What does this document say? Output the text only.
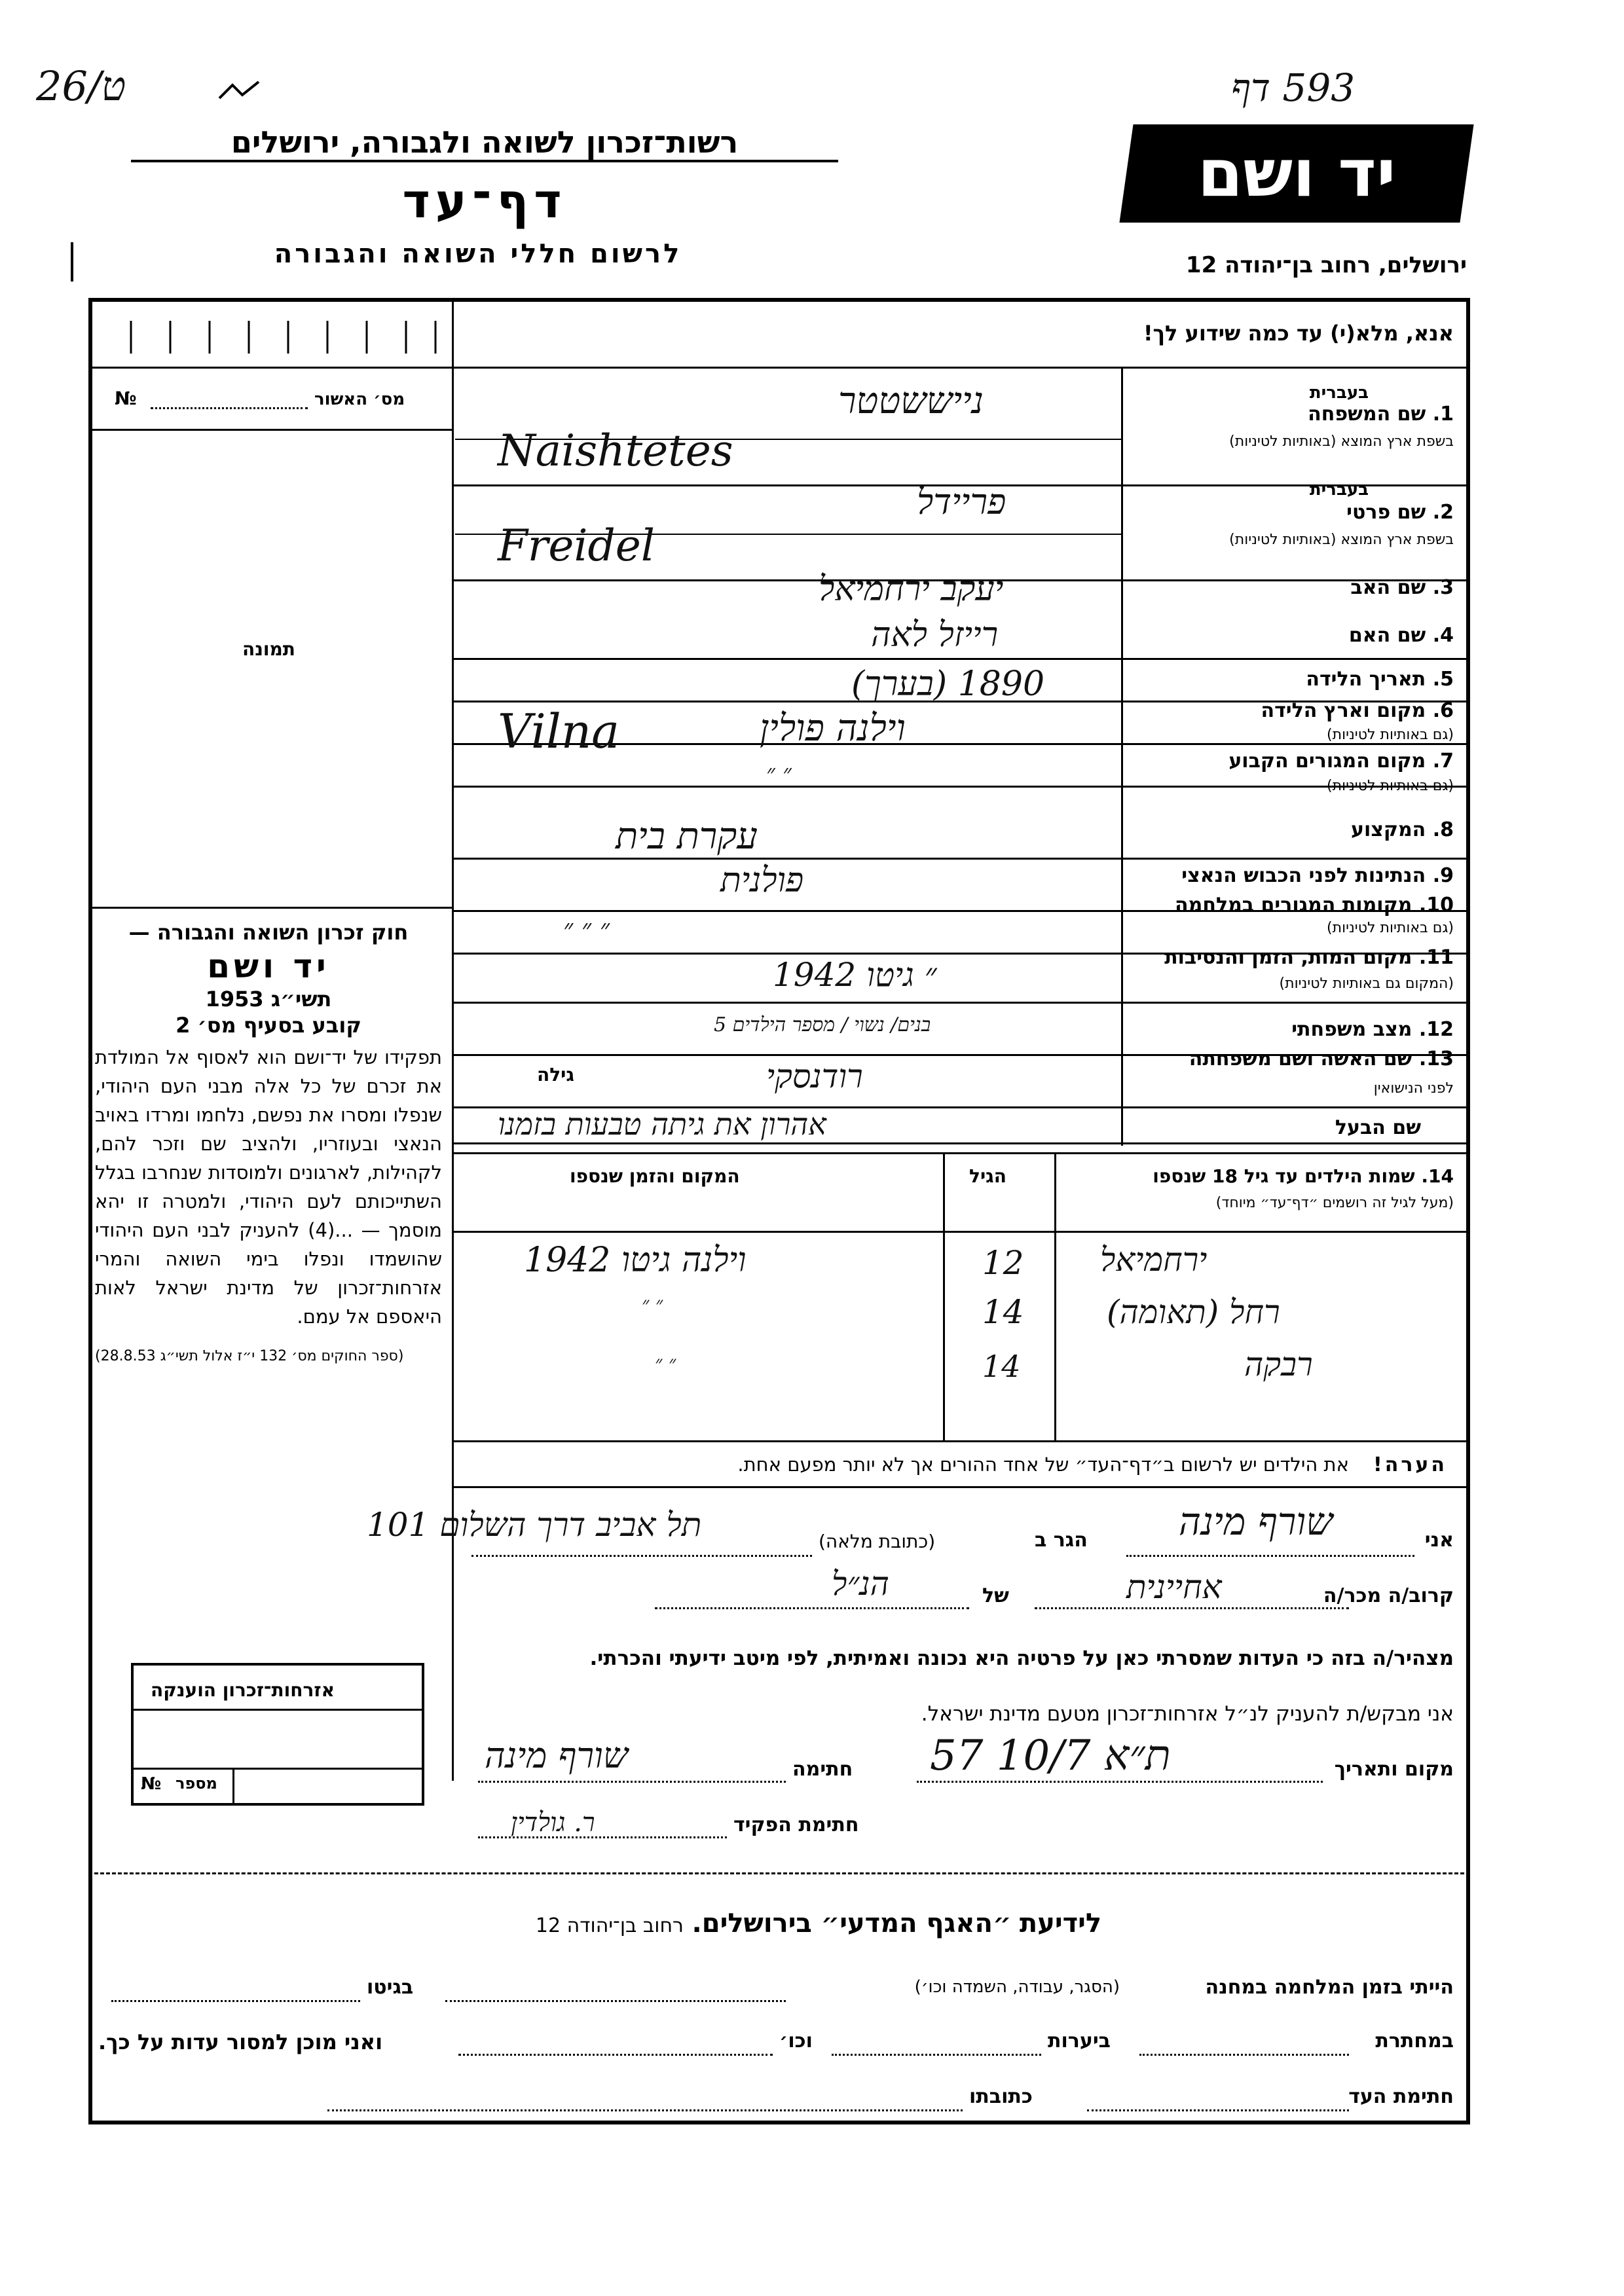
26/ט	593 דף
רשות־זכרון לשואה ולגבורה, ירושלים
דף־עד
לרשום חללי השואה והגבורה
יד ושם
ירושלים, רחוב בן־יהודה 12
אנא, מלא(י) עד כמה שידוע לך!
מס׳ האשור
№
תמונה
חוק זכרון השואה והגבורה —
יד ושם
תשי״ג 1953
קובע בסעיף מס׳ 2
תפקידו של יד־ושם הוא לאסוף אל המולדת את זכרם של כל אלה מבני העם היהודי, שנפלו ומסרו את נפשם, נלחמו ומרדו באויב הנאצי ובעוזריו, ולהציב שם וזכר להם, לקהילות, לארגונים ולמוסדות שנחרבו בגלל השתייכותם לעם היהודי, ולמטרה זו יהא מוסמך — ...(4) להעניק לבני העם היהודי שהושמדו ונפלו בימי השואה והמרי אזרחות־זכרון של מדינת ישראל לאות היאספם אל עמם.
(ספר החוקים מס׳ 132 י״ז אלול תשי״ג 28.8.53)
1. שם המשפחה
בשפת ארץ המוצא (באותיות לטיניות)
בעברית
2. שם פרטי
בשפת ארץ המוצא (באותיות לטיניות)
בעברית
3. שם האב
4. שם האם
5. תאריך הלידה
6. מקום וארץ הלידה
(גם באותיות לטיניות)
7. מקום המגורים הקבוע
(גם באותיות לטיניות)
8. המקצוע
9. הנתינות לפני הכבוש הנאצי
10. מקומות המגורים במלחמה
(גם באותיות לטיניות)
11. מקום המות, הזמן והנסיבות
(המקום גם באותיות לטיניות)
12. מצב משפחתי
13. שם האשה ושם משפחתה
לפני הנישואין
שם הבעל
נייששטטר
Naishtetes
פריידל
Freidel
יעקב ירחמיאל
רייזל לאה
1890 (בערך)
וילנה פולין
Vilna
״ ״
עקרת בית
פולנית
״ ״ ״
״ גיטו 1942
בנים/ נשוי / מספר הילדים 5
רודנסקי
גילה
אהרון את גיתה טבעות בזמנו
14. שמות הילדים עד גיל 18 שנספו
(מעל לגיל זה רושמים ״דף־עד״ מיוחד)
הגיל
המקום והזמן שנספו
ירחמיאל
12
וילנה גיטו 1942
רחל (תאומה)
14
״ ״
רבקה
14
״ ״
הערה!
את הילדים יש לרשום ב״דף־העד״ של אחד ההורים אך לא יותר מפעם אחת.
אני
שורף מינה
הגר ב
(כתובת מלאה)
תל אביב דרך השלום 101
קרוב/ה מכר/ה
אחיינית
של
הנ״ל
מצהיר/ה בזה כי העדות שמסרתי כאן על פרטיה היא נכונה ואמיתית, לפי מיטב ידיעתי והכרתי.
אני מבקש/ת להעניק לנ״ל אזרחות־זכרון מטעם מדינת ישראל.
מקום ותאריך
ת״א 10/7 57
חתימה
שורף מינה
חתימת הפקיד
ר. גולדין
אזרחות־זכרון הוענקה
מספר
№
לידיעת ״האגף המדעי״ בירושלים. רחוב בן־יהודה 12
הייתי בזמן המלחמה במחנה
(הסגר, עבודה, השמדה וכו׳)
בגיטו
במחתרת
ביערות
וכו׳
ואני מוכן למסור עדות על כך.
חתימת העד
כתובתו
